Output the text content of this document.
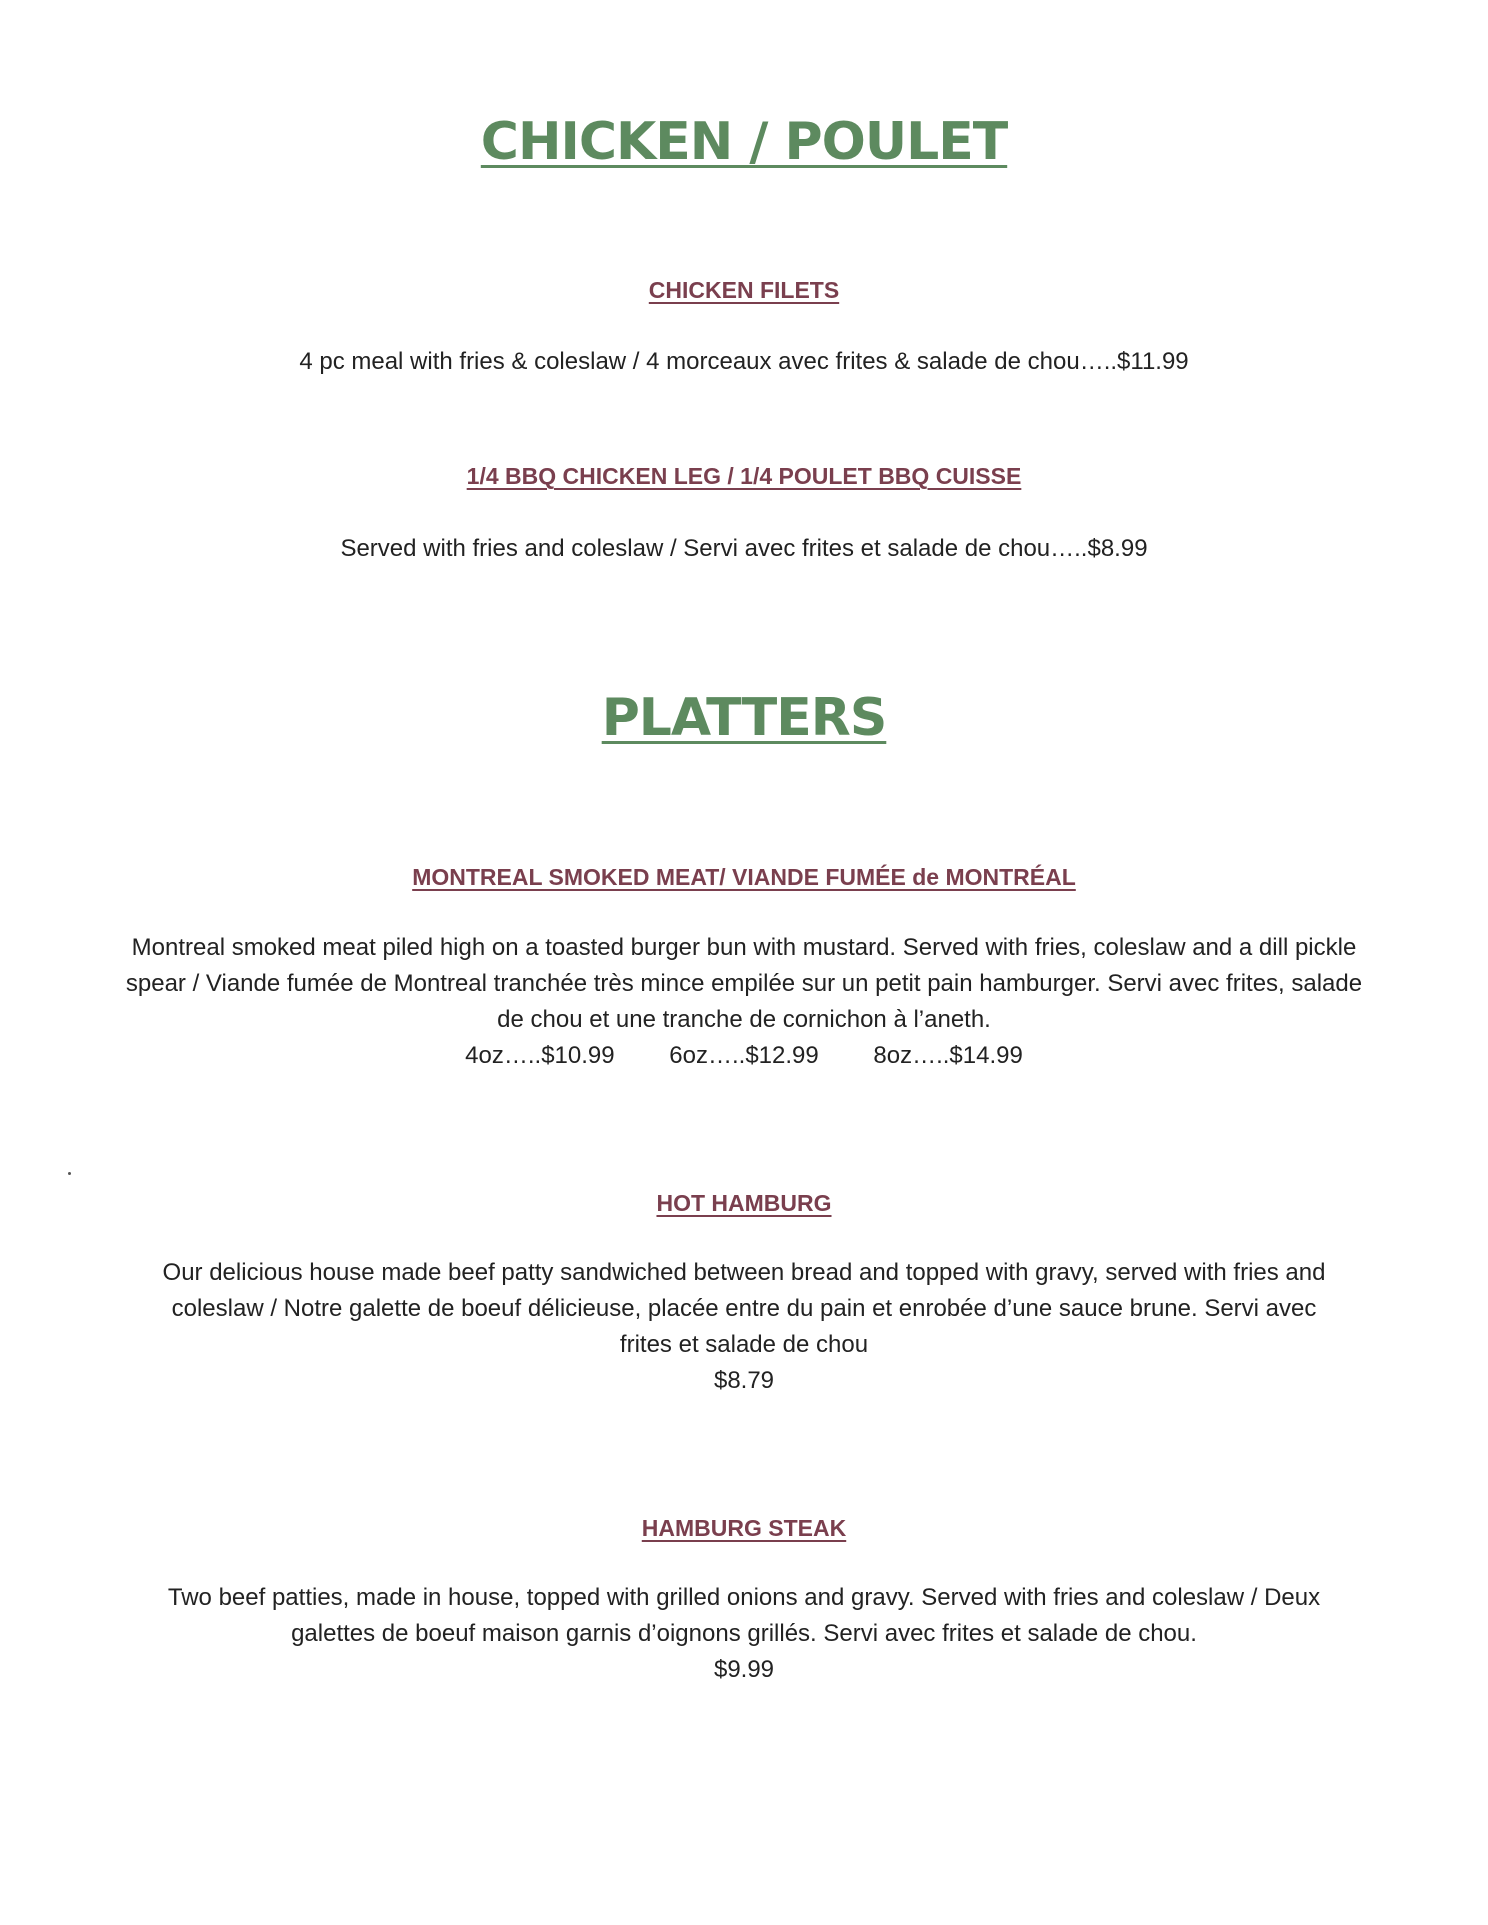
CHICKEN / POULET
CHICKEN FILETS
4 pc meal with fries & coleslaw / 4 morceaux avec frites & salade de chou…..$11.99
1/4 BBQ CHICKEN LEG / 1/4 POULET BBQ CUISSE
Served with fries and coleslaw / Servi avec frites et salade de chou…..$8.99
PLATTERS
MONTREAL SMOKED MEAT/ VIANDE FUMÉE de MONTRÉAL
Montreal smoked meat piled high on a toasted burger bun with mustard. Served with fries, coleslaw and a dill pickle
spear / Viande fumée de Montreal tranchée très mince empilée sur un petit pain hamburger. Servi avec frites, salade
de chou et une tranche de cornichon à l’aneth.
4oz…..$10.99 6oz…..$12.99 8oz…..$14.99
HOT HAMBURG
Our delicious house made beef patty sandwiched between bread and topped with gravy, served with fries and
coleslaw / Notre galette de boeuf délicieuse, placée entre du pain et enrobée d’une sauce brune. Servi avec
frites et salade de chou
$8.79
HAMBURG STEAK
Two beef patties, made in house, topped with grilled onions and gravy. Served with fries and coleslaw / Deux
galettes de boeuf maison garnis d’oignons grillés. Servi avec frites et salade de chou.
$9.99
